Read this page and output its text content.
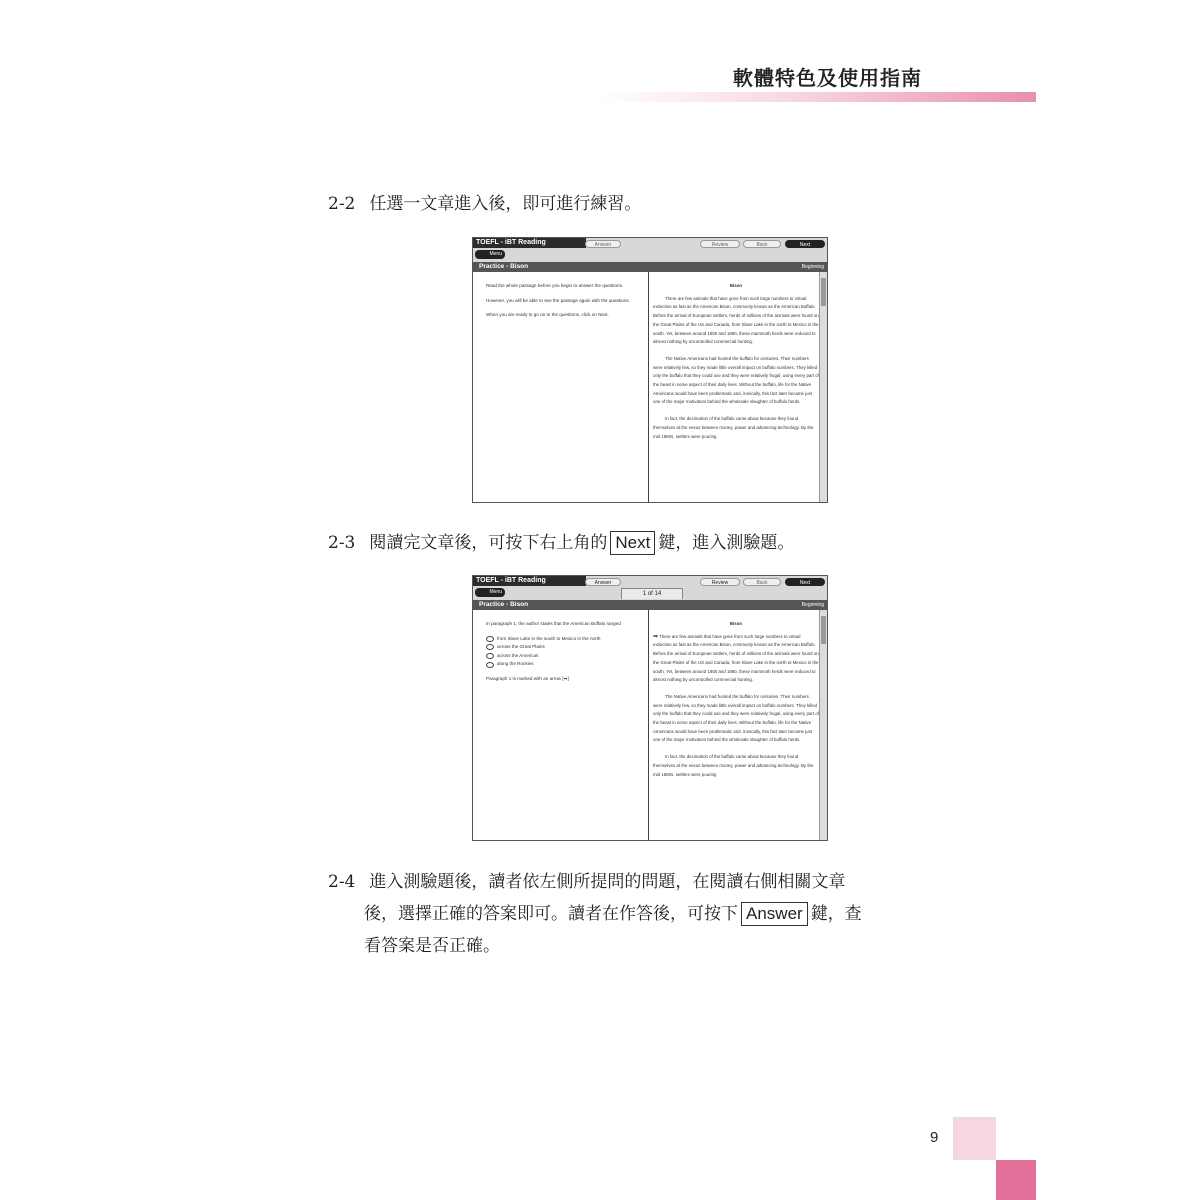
軟體特色及使用指南
2-2 任選一文章進入後，即可進行練習。
TOEFL - iBT Reading
Menu
Answer	Review	Back	Next
Practice - Bison	Beginning

Read the whole passage before you begin to answer the questions.

However, you will be able to see the passage again with the questions.

When you are ready to go on to the questions, click on Next.

Bison

There are few animals that have gone from such large numbers to virtual extinction as fast as the American Bison, commonly known as the American Buffalo. Before the arrival of European settlers, herds of millions of the animals were found on the Great Plains of the US and Canada, from Slave Lake in the north to Mexico in the south. Yet, between around 1850 and 1880, these mammoth herds were reduced to almost nothing by uncontrolled commercial hunting.

The Native Americans had hunted the buffalo for centuries. Their numbers were relatively few, so they made little overall impact on buffalo numbers. They killed only the buffalo that they could use and they were relatively frugal, using every part of the beast in some aspect of their daily lives. Without the buffalo, life for the Native Americans would have been problematic and, ironically, this fact later became just one of the major motivators behind the wholesale slaughter of buffalo herds.

In fact, the decimation of the buffalo came about because they found themselves at the nexus between money, power and advancing technology. By the mid 1850s, settlers were pouring

2-3 閱讀完文章後，可按下右上角的 Next 鍵，進入測驗題。
TOEFL - iBT Reading
Menu
Answer	Review	Back	Next
1 of 14
Practice - Bison	Beginning

In paragraph 1, the author states that the American Buffalo ranged

from Slave Lake in the south to Mexico in the north
across the Great Plains
across the Americas
along the Rockies

Paragraph 1 is marked with an arrow [➡]

Bison

➡ There are few animals that have gone from such large numbers to virtual extinction as fast as the American Bison, commonly known as the American Buffalo. Before the arrival of European settlers, herds of millions of the animals were found on the Great Plains of the US and Canada, from Slave Lake in the north to Mexico in the south. Yet, between around 1850 and 1880, these mammoth herds were reduced to almost nothing by uncontrolled commercial hunting.

The Native Americans had hunted the buffalo for centuries. Their numbers were relatively few, so they made little overall impact on buffalo numbers. They killed only the buffalo that they could use and they were relatively frugal, using every part of the beast in some aspect of their daily lives. Without the buffalo, life for the Native Americans would have been problematic and, ironically, this fact later became just one of the major motivators behind the wholesale slaughter of buffalo herds.

In fact, the decimation of the buffalo came about because they found themselves at the nexus between money, power and advancing technology. By the mid 1850s, settlers were pouring

2-4 進入測驗題後，讀者依左側所提問的問題，在閱讀右側相關文章
後，選擇正確的答案即可。讀者在作答後，可按下 Answer 鍵，查
看答案是否正確。
9
